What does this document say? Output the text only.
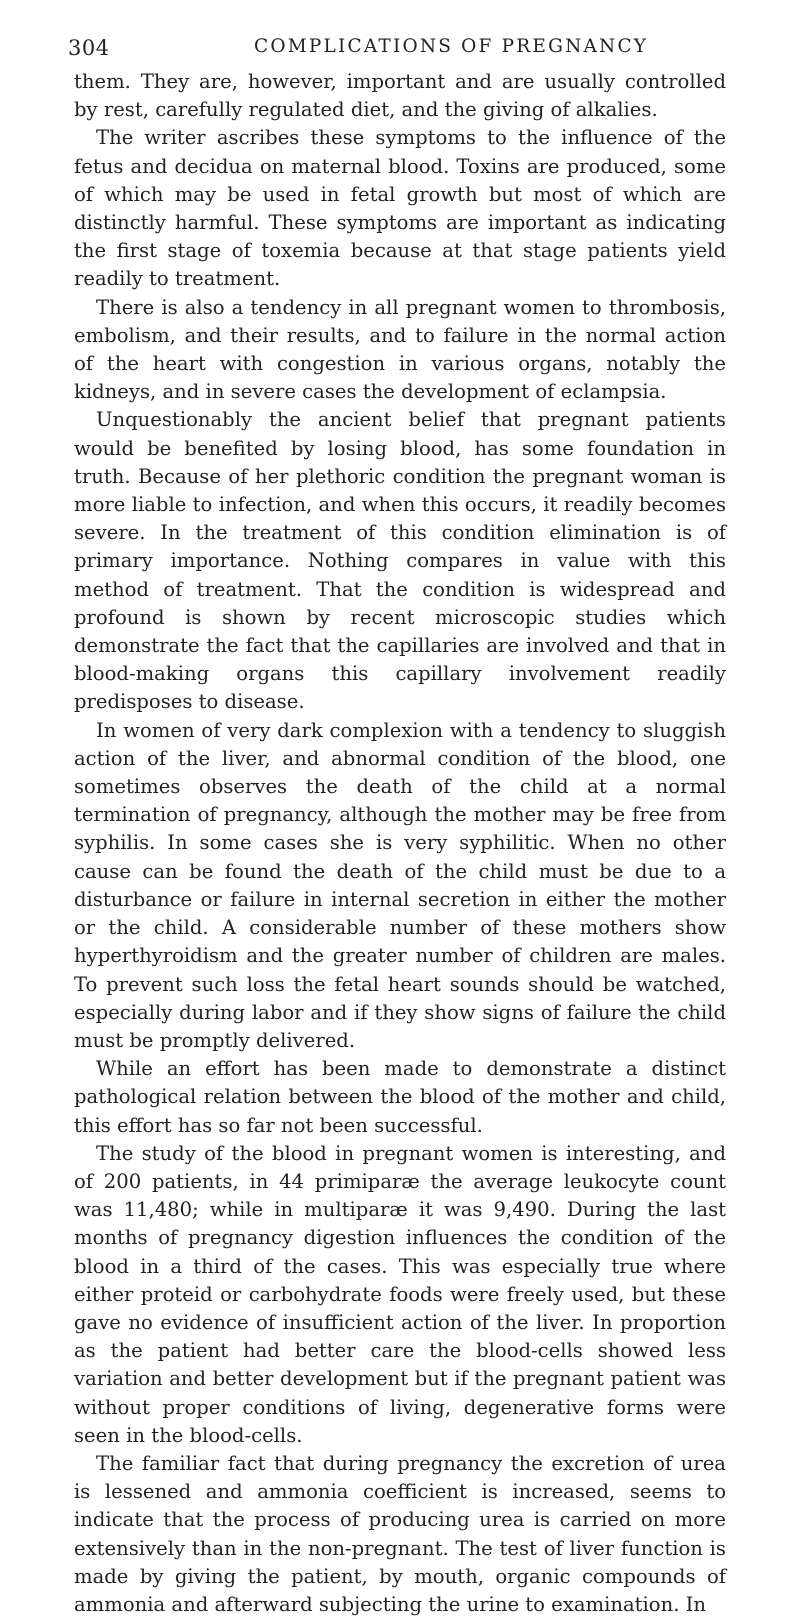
304	COMPLICATIONS OF PREGNANCY

them. They are, however, important and are usually controlled by rest, carefully regulated diet, and the giving of alkalies.

The writer ascribes these symptoms to the influence of the fetus and decidua on maternal blood. Toxins are produced, some of which may be used in fetal growth but most of which are distinctly harmful. These symptoms are important as indicating the first stage of toxemia because at that stage patients yield readily to treatment.

There is also a tendency in all pregnant women to thrombosis, embolism, and their results, and to failure in the normal action of the heart with congestion in various organs, notably the kidneys, and in severe cases the development of eclampsia.

Unquestionably the ancient belief that pregnant patients would be benefited by losing blood, has some foundation in truth. Because of her plethoric condition the pregnant woman is more liable to infection, and when this occurs, it readily becomes severe. In the treatment of this condition elimination is of primary importance. Nothing compares in value with this method of treatment. That the condition is widespread and profound is shown by recent microscopic studies which demonstrate the fact that the capillaries are involved and that in blood-making organs this capillary involvement readily predisposes to disease.

In women of very dark complexion with a tendency to sluggish action of the liver, and abnormal condition of the blood, one sometimes observes the death of the child at a normal termination of pregnancy, although the mother may be free from syphilis. In some cases she is very syphilitic. When no other cause can be found the death of the child must be due to a disturbance or failure in internal secretion in either the mother or the child. A considerable number of these mothers show hyperthyroidism and the greater number of children are males. To prevent such loss the fetal heart sounds should be watched, especially during labor and if they show signs of failure the child must be promptly delivered.

While an effort has been made to demonstrate a distinct pathological relation between the blood of the mother and child, this effort has so far not been successful.

The study of the blood in pregnant women is interesting, and of 200 patients, in 44 primiparæ the average leukocyte count was 11,480; while in multiparæ it was 9,490. During the last months of pregnancy digestion influences the condition of the blood in a third of the cases. This was especially true where either proteid or carbohydrate foods were freely used, but these gave no evidence of insufficient action of the liver. In proportion as the patient had better care the blood-cells showed less variation and better development but if the pregnant patient was without proper conditions of living, degenerative forms were seen in the blood-cells.

The familiar fact that during pregnancy the excretion of urea is lessened and ammonia coefficient is increased, seems to indicate that the process of producing urea is carried on more extensively than in the non-pregnant. The test of liver function is made by giving the patient, by mouth, organic compounds of ammonia and afterward subjecting the urine to examination. In
